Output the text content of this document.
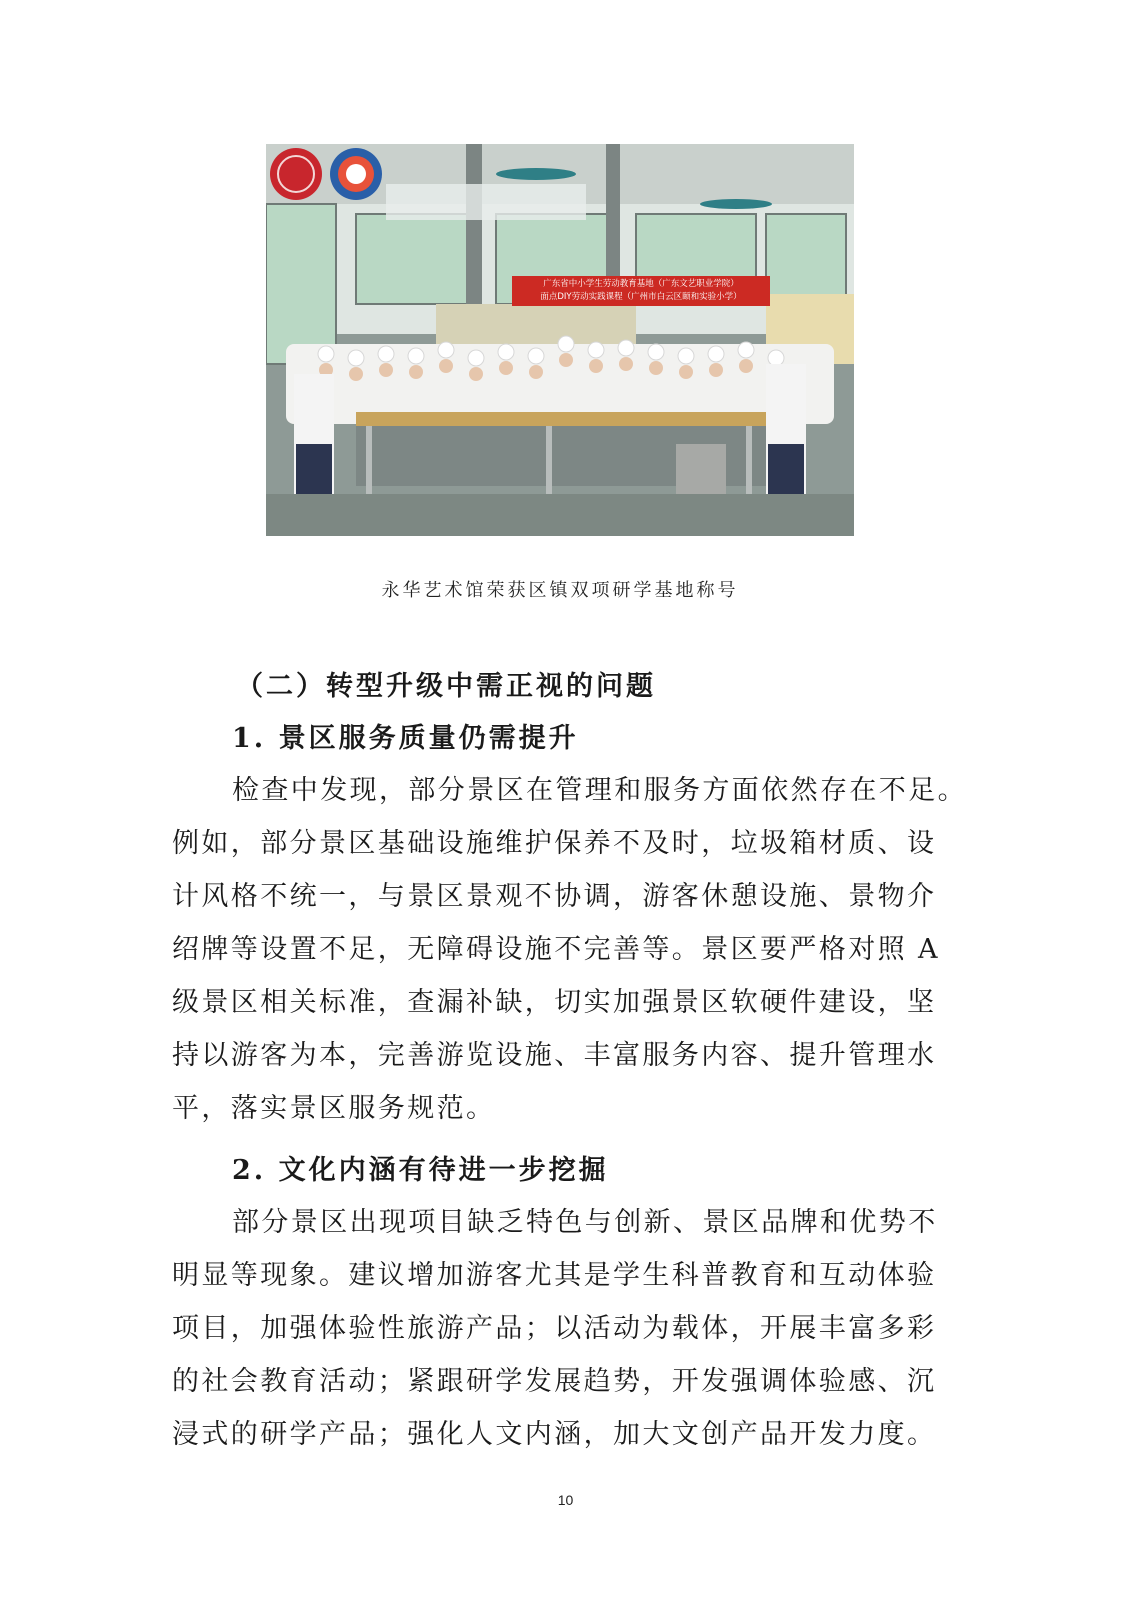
广东省中小学生劳动教育基地（广东文艺职业学院）
面点DIY劳动实践课程（广州市白云区颐和实验小学）
永华艺术馆荣获区镇双项研学基地称号
（二）转型升级中需正视的问题
1. 景区服务质量仍需提升
检查中发现，部分景区在管理和服务方面依然存在不足。
例如，部分景区基础设施维护保养不及时，垃圾箱材质、设
计风格不统一，与景区景观不协调，游客休憩设施、景物介
绍牌等设置不足，无障碍设施不完善等。景区要严格对照 A
级景区相关标准，查漏补缺，切实加强景区软硬件建设，坚
持以游客为本，完善游览设施、丰富服务内容、提升管理水
平，落实景区服务规范。
2. 文化内涵有待进一步挖掘
部分景区出现项目缺乏特色与创新、景区品牌和优势不
明显等现象。建议增加游客尤其是学生科普教育和互动体验
项目，加强体验性旅游产品；以活动为载体，开展丰富多彩
的社会教育活动；紧跟研学发展趋势，开发强调体验感、沉
浸式的研学产品；强化人文内涵，加大文创产品开发力度。
10
